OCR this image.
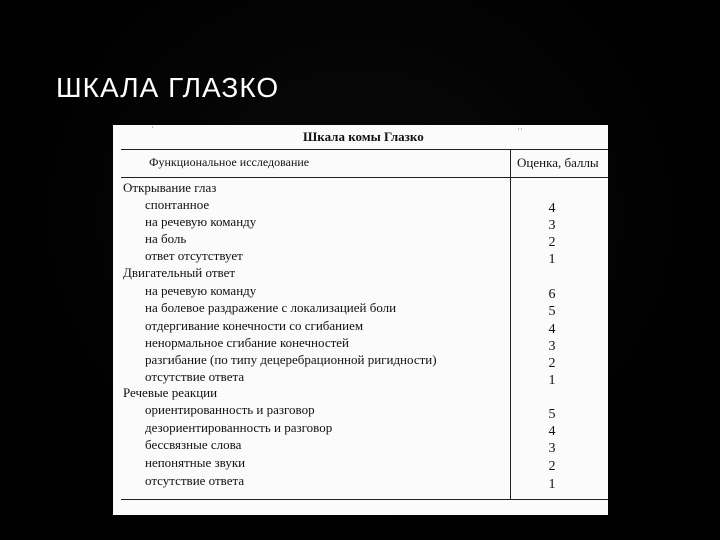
ШКАЛА ГЛАЗКО
Шкала комы Глазко
˙	˙˙
Функциональное исследование	Оценка, баллы
Открывание глаз
спонтанное	4
на речевую команду	3
на боль	2
ответ отсутствует	1
Двигательный ответ
на речевую команду	6
на болевое раздражение с локализацией боли	5
отдергивание конечности со сгибанием	4
ненормальное сгибание конечностей	3
разгибание (по типу децеребрационной ригидности)	2
отсутствие ответа	1
Речевые реакции
ориентированность и разговор	5
дезориентированность и разговор	4
бессвязные слова	3
непонятные звуки	2
отсутствие ответа	1
